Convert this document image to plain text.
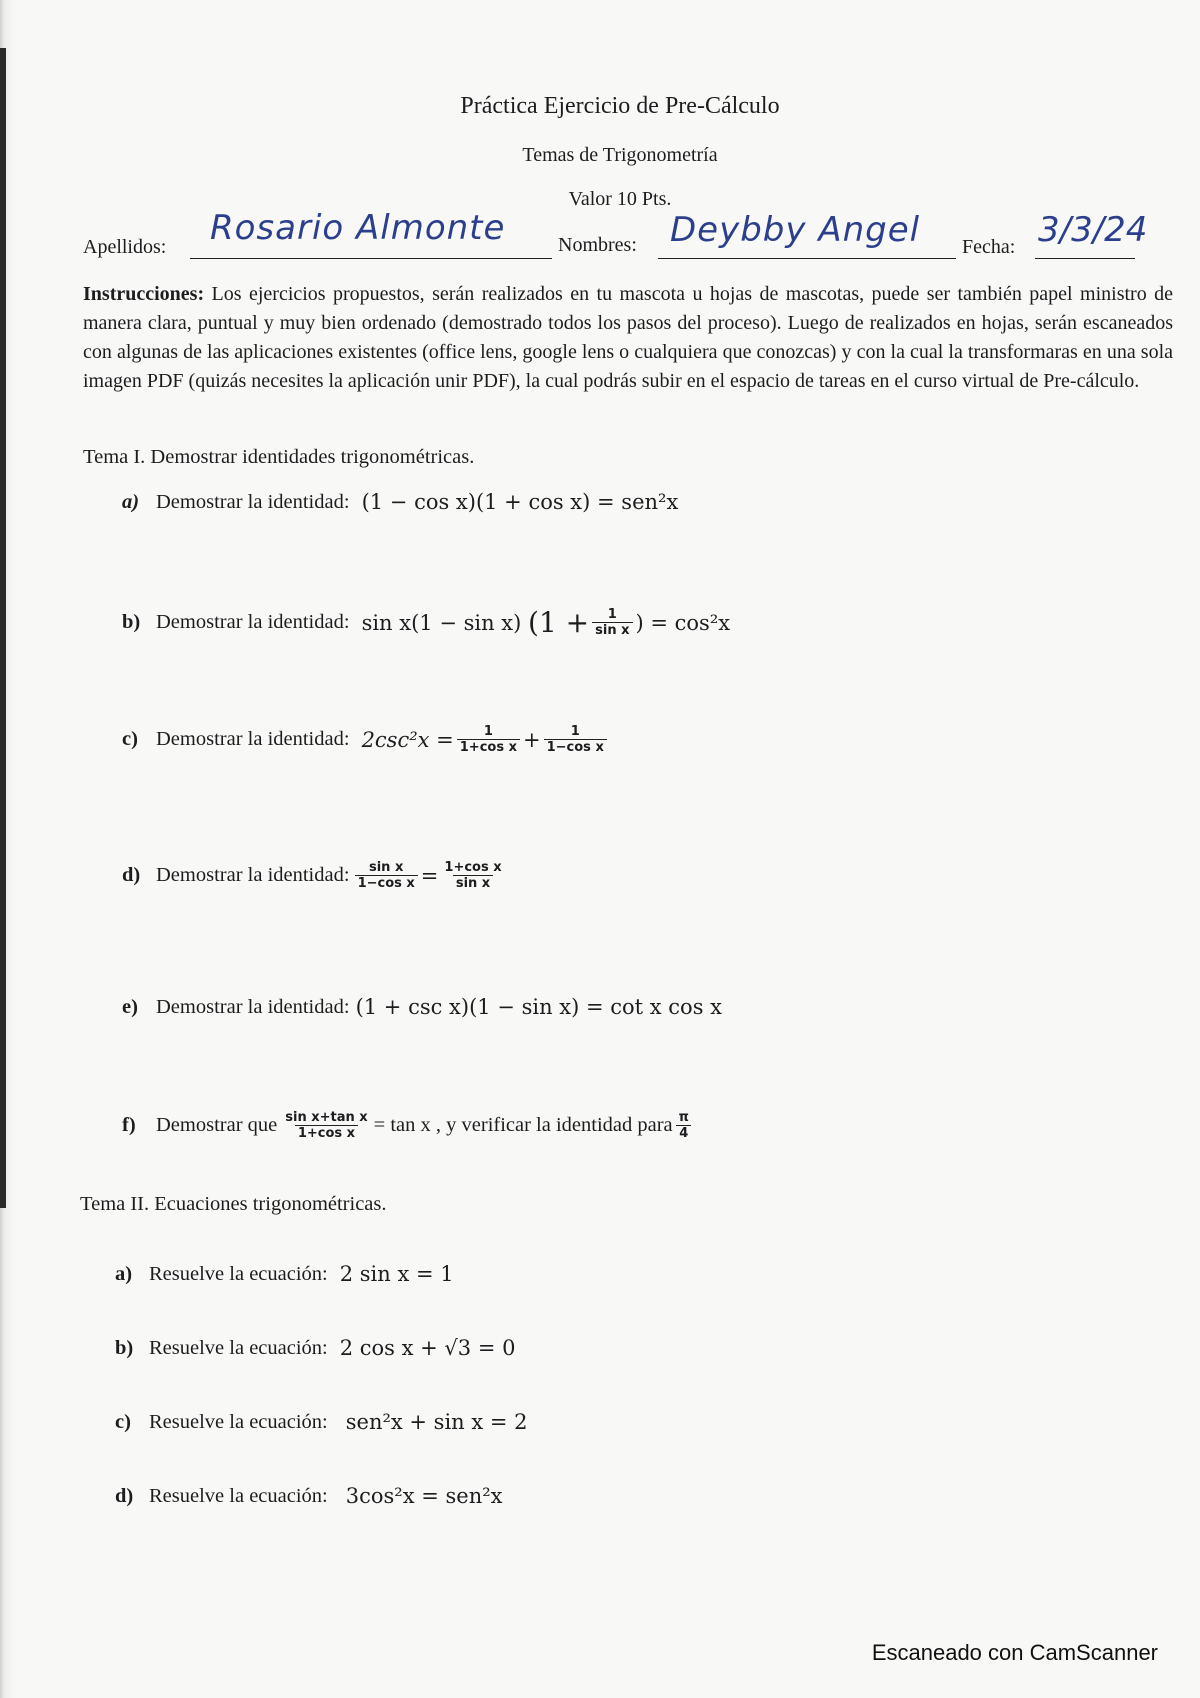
Práctica Ejercicio de Pre-Cálculo
Temas de Trigonometría
Valor 10 Pts.
Apellidos: Rosario Almonte	Nombres: Deybby Angel Fecha: 3/3/24
Instrucciones: Los ejercicios propuestos, serán realizados en tu mascota u hojas de mascotas, puede ser también papel ministro de manera clara, puntual y muy bien ordenado (demostrado todos los pasos del proceso). Luego de realizados en hojas, serán escaneados con algunas de las aplicaciones existentes (office lens, google lens o cualquiera que conozcas) y con la cual la transformaras en una sola imagen PDF (quizás necesites la aplicación unir PDF), la cual podrás subir en el espacio de tareas en el curso virtual de Pre-cálculo.
Tema I. Demostrar identidades trigonométricas.
a) Demostrar la identidad: (1 − cos x)(1 + cos x) = sen²x
b) Demostrar la identidad: sin x(1 − sin x)
($1 + \frac{1}{\text{sin x}}$ ) = cos²x
c) Demostrar la identidad: $2\csc^2x = \frac{1}{\text{1+cos x}} + \frac{1}{\text{1−cos x}}$
d) Demostrar la identidad: $\frac{\text{sin x}}{\text{1−cos x}} = \frac{\text{1+cos x}}{\text{sin x}}$
e) Demostrar la identidad: (1 + csc x)(1 − sin x) = cot x cos x
f) Demostrar que $\frac{\text{sin x+tan x}}{\text{1+cos x}} = \tan x$ , y verificar la identidad para $\frac{\pi}{4}$
Tema II. Ecuaciones trigonométricas.
a) Resuelve la ecuación: 2 sin x = 1
b) Resuelve la ecuación: 2 cos x + √3 = 0
c) Resuelve la ecuación: sen²x + sin x = 2
d) Resuelve la ecuación: 3cos²x = sen²x
Escaneado con CamScanner
